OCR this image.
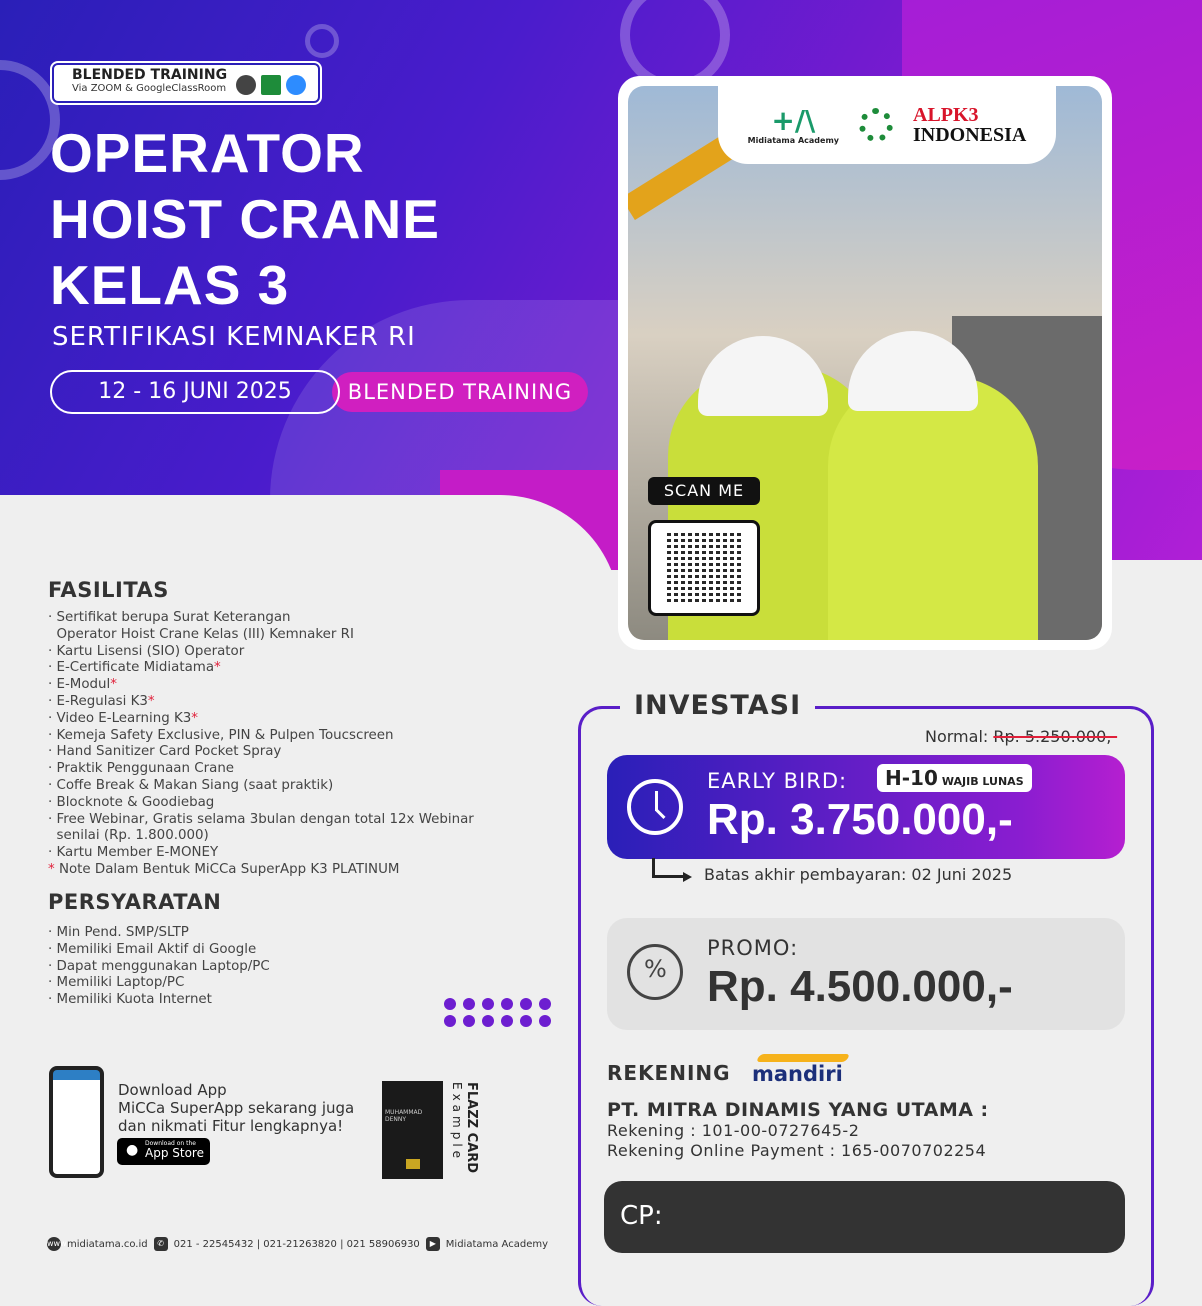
BLENDED TRAINING
Via ZOOM & GoogleClassRoom
OPERATOR
HOIST CRANE
KELAS 3
SERTIFIKASI KEMNAKER RI
BLENDED TRAINING
12 - 16 JUNI 2025
+/\
Midiatama Academy
ALPK3
INDONESIA
SCAN ME
FASILITAS
· Sertifikat berupa Surat Keterangan
Operator Hoist Crane Kelas (III) Kemnaker RI
· Kartu Lisensi (SIO) Operator
· E-Certificate Midiatama*
· E-Modul*
· E-Regulasi K3*
· Video E-Learning K3*
· Kemeja Safety Exclusive, PIN & Pulpen Toucscreen
· Hand Sanitizer Card Pocket Spray
· Praktik Penggunaan Crane
· Coffe Break & Makan Siang (saat praktik)
· Blocknote & Goodiebag
· Free Webinar, Gratis selama 3bulan dengan total 12x Webinar
senilai (Rp. 1.800.000)
· Kartu Member E-MONEY
* Note Dalam Bentuk MiCCa SuperApp K3 PLATINUM
PERSYARATAN
· Min Pend. SMP/SLTP
· Memiliki Email Aktif di Google
· Dapat menggunakan Laptop/PC
· Memiliki Laptop/PC
· Memiliki Kuota Internet
Download App
MiCCa SuperApp sekarang juga
dan nikmati Fitur lengkapnya!
● Download on the
App Store
MUHAMMAD DENNY	Example FLAZZ CARD
www midiatama.co.id	✆ 021 - 22545432 | 021-21263820 | 021 58906930	▶ Midiatama Academy
INVESTASI
Normal: Rp. 5.250.000,-
EARLY BIRD:	H-10 WAJIB LUNAS
Rp. 3.750.000,-
Batas akhir pembayaran: 02 Juni 2025
%
PROMO:
Rp. 4.500.000,-
REKENING mandiri
PT. MITRA DINAMIS YANG UTAMA :
Rekening : 101-00-0727645-2
Rekening Online Payment : 165-0070702254
CP:
